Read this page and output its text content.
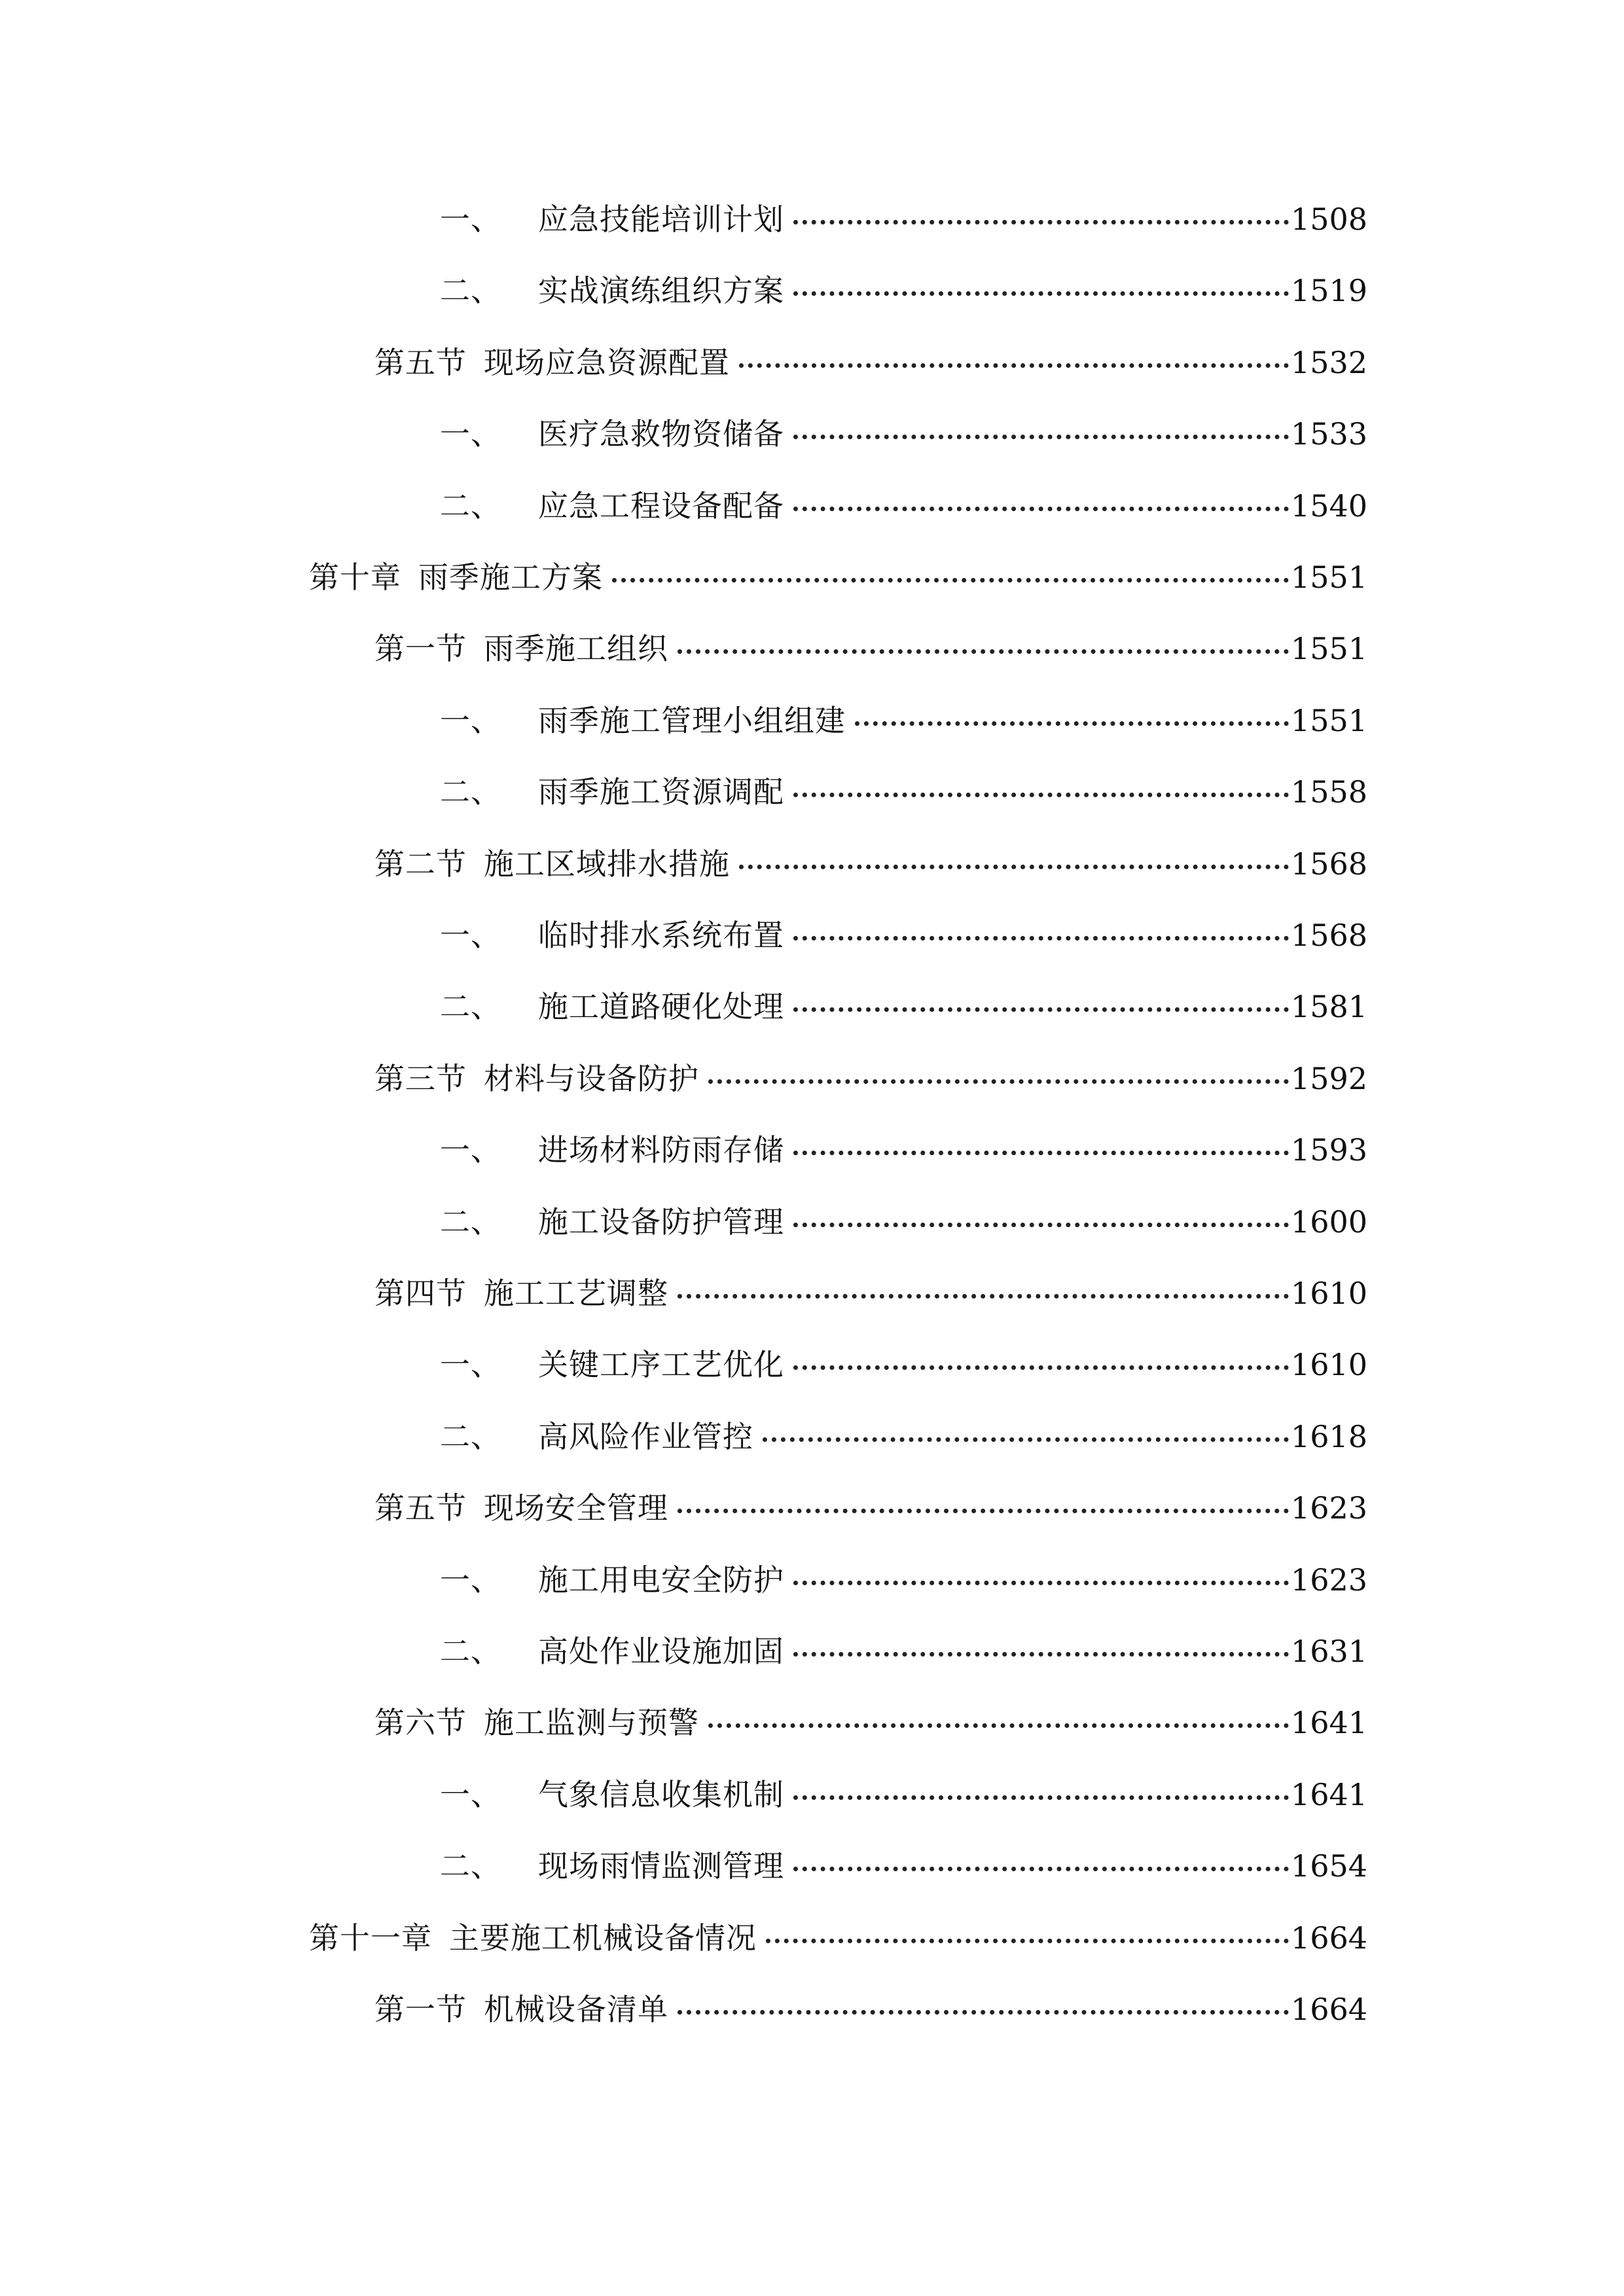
一、 应急技能培训计划	1508
二、 实战演练组织方案	1519
第五节 现场应急资源配置	1532
一、 医疗急救物资储备	1533
二、 应急工程设备配备	1540
第十章 雨季施工方案	1551
第一节 雨季施工组织	1551
一、 雨季施工管理小组组建	1551
二、 雨季施工资源调配	1558
第二节 施工区域排水措施	1568
一、 临时排水系统布置	1568
二、 施工道路硬化处理	1581
第三节 材料与设备防护	1592
一、 进场材料防雨存储	1593
二、 施工设备防护管理	1600
第四节 施工工艺调整	1610
一、 关键工序工艺优化	1610
二、 高风险作业管控	1618
第五节 现场安全管理	1623
一、 施工用电安全防护	1623
二、 高处作业设施加固	1631
第六节 施工监测与预警	1641
一、 气象信息收集机制	1641
二、 现场雨情监测管理	1654
第十一章 主要施工机械设备情况	1664
第一节 机械设备清单	1664
